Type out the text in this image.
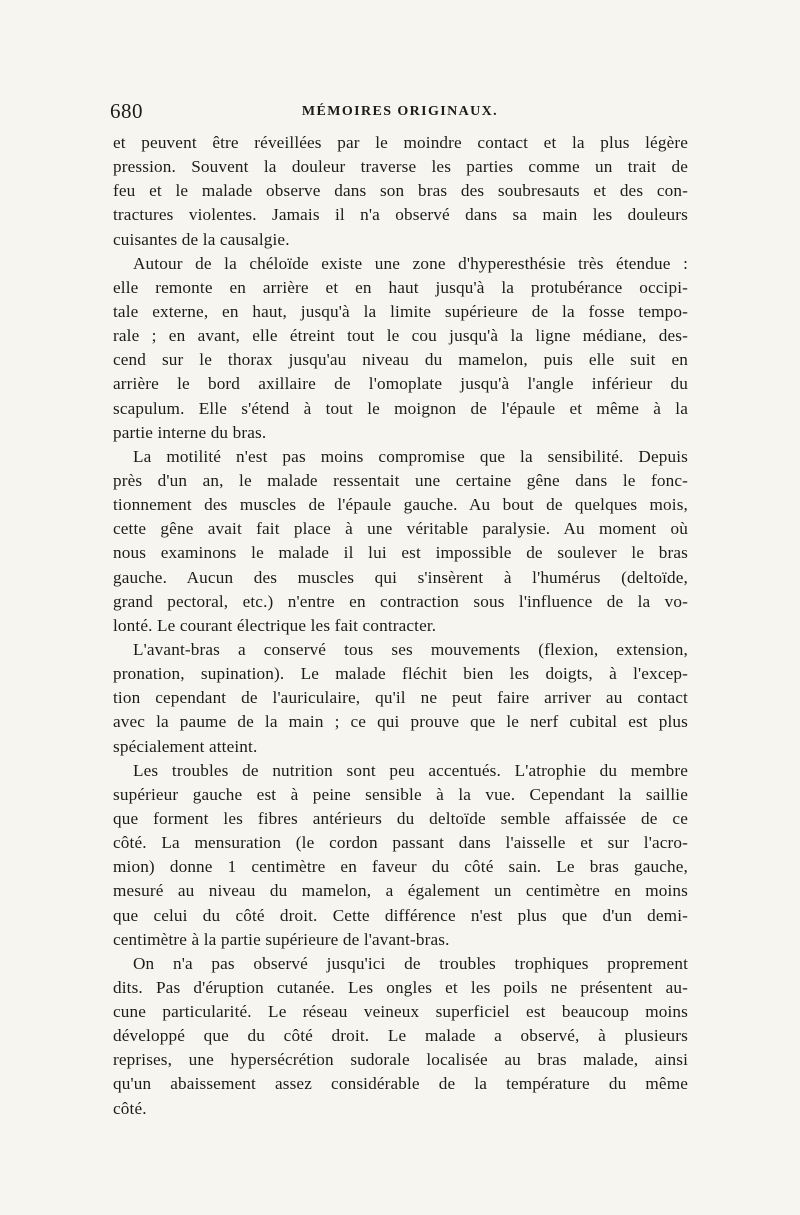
680	MÉMOIRES ORIGINAUX.
et peuvent être réveillées par le moindre contact et la plus légère
pression. Souvent la douleur traverse les parties comme un trait de
feu et le malade observe dans son bras des soubresauts et des con-
tractures violentes. Jamais il n'a observé dans sa main les douleurs
cuisantes de la causalgie.
Autour de la chéloïde existe une zone d'hyperesthésie très étendue :
elle remonte en arrière et en haut jusqu'à la protubérance occipi-
tale externe, en haut, jusqu'à la limite supérieure de la fosse tempo-
rale ; en avant, elle étreint tout le cou jusqu'à la ligne médiane, des-
cend sur le thorax jusqu'au niveau du mamelon, puis elle suit en
arrière le bord axillaire de l'omoplate jusqu'à l'angle inférieur du
scapulum. Elle s'étend à tout le moignon de l'épaule et même à la
partie interne du bras.
La motilité n'est pas moins compromise que la sensibilité. Depuis
près d'un an, le malade ressentait une certaine gêne dans le fonc-
tionnement des muscles de l'épaule gauche. Au bout de quelques mois,
cette gêne avait fait place à une véritable paralysie. Au moment où
nous examinons le malade il lui est impossible de soulever le bras
gauche. Aucun des muscles qui s'insèrent à l'humérus (deltoïde,
grand pectoral, etc.) n'entre en contraction sous l'influence de la vo-
lonté. Le courant électrique les fait contracter.
L'avant-bras a conservé tous ses mouvements (flexion, extension,
pronation, supination). Le malade fléchit bien les doigts, à l'excep-
tion cependant de l'auriculaire, qu'il ne peut faire arriver au contact
avec la paume de la main ; ce qui prouve que le nerf cubital est plus
spécialement atteint.
Les troubles de nutrition sont peu accentués. L'atrophie du membre
supérieur gauche est à peine sensible à la vue. Cependant la saillie
que forment les fibres antérieurs du deltoïde semble affaissée de ce
côté. La mensuration (le cordon passant dans l'aisselle et sur l'acro-
mion) donne 1 centimètre en faveur du côté sain. Le bras gauche,
mesuré au niveau du mamelon, a également un centimètre en moins
que celui du côté droit. Cette différence n'est plus que d'un demi-
centimètre à la partie supérieure de l'avant-bras.
On n'a pas observé jusqu'ici de troubles trophiques proprement
dits. Pas d'éruption cutanée. Les ongles et les poils ne présentent au-
cune particularité. Le réseau veineux superficiel est beaucoup moins
développé que du côté droit. Le malade a observé, à plusieurs
reprises, une hypersécrétion sudorale localisée au bras malade, ainsi
qu'un abaissement assez considérable de la température du même
côté.
